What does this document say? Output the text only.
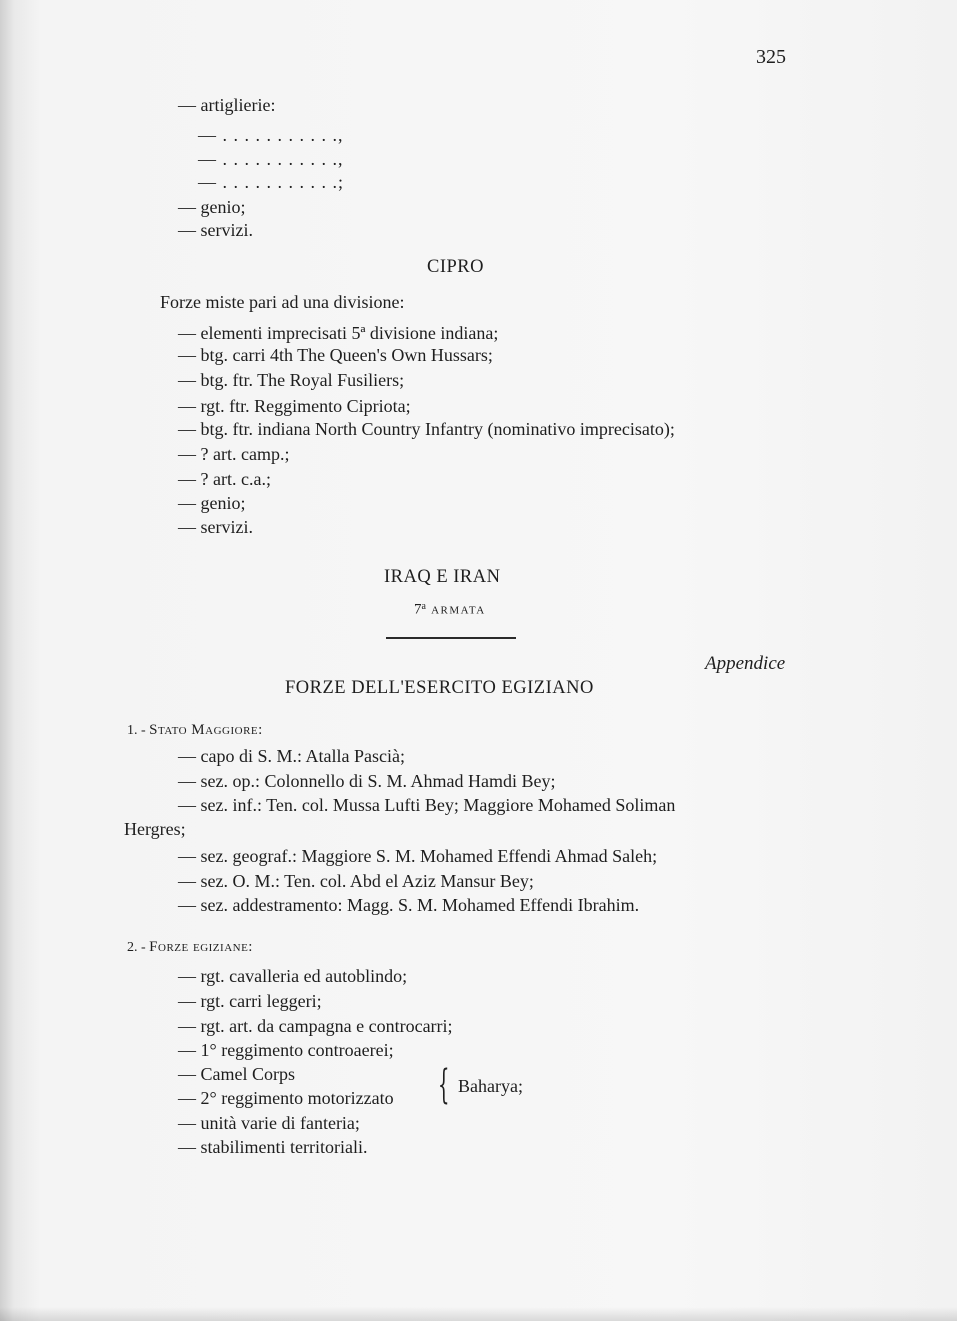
325
— artiglierie:
— . . . . . . . . . . .,
— . . . . . . . . . . .,
— . . . . . . . . . . .;
— genio;
— servizi.
CIPRO
Forze miste pari ad una divisione:
— elementi imprecisati 5ª divisione indiana;
— btg. carri 4th The Queen's Own Hussars;
— btg. ftr. The Royal Fusiliers;
— rgt. ftr. Reggimento Cipriota;
— btg. ftr. indiana North Country Infantry (nominativo imprecisato);
— ? art. camp.;
— ? art. c.a.;
— genio;
— servizi.
IRAQ E IRAN
7$^a$ ARMATA
Appendice
FORZE DELL'ESERCITO EGIZIANO
1. - Stato Maggiore:
— capo di S. M.: Atalla Pascià;
— sez. op.: Colonnello di S. M. Ahmad Hamdi Bey;
— sez. inf.: Ten. col. Mussa Lufti Bey; Maggiore Mohamed Soliman
Hergres;
— sez. geograf.: Maggiore S. M. Mohamed Effendi Ahmad Saleh;
— sez. O. M.: Ten. col. Abd el Aziz Mansur Bey;
— sez. addestramento: Magg. S. M. Mohamed Effendi Ibrahim.
2. - Forze egiziane:
— rgt. cavalleria ed autoblindo;
— rgt. carri leggeri;
— rgt. art. da campagna e controcarri;
— 1° reggimento controaerei;
— Camel Corps
— 2° reggimento motorizzato { Baharya;
— unità varie di fanteria;
— stabilimenti territoriali.
